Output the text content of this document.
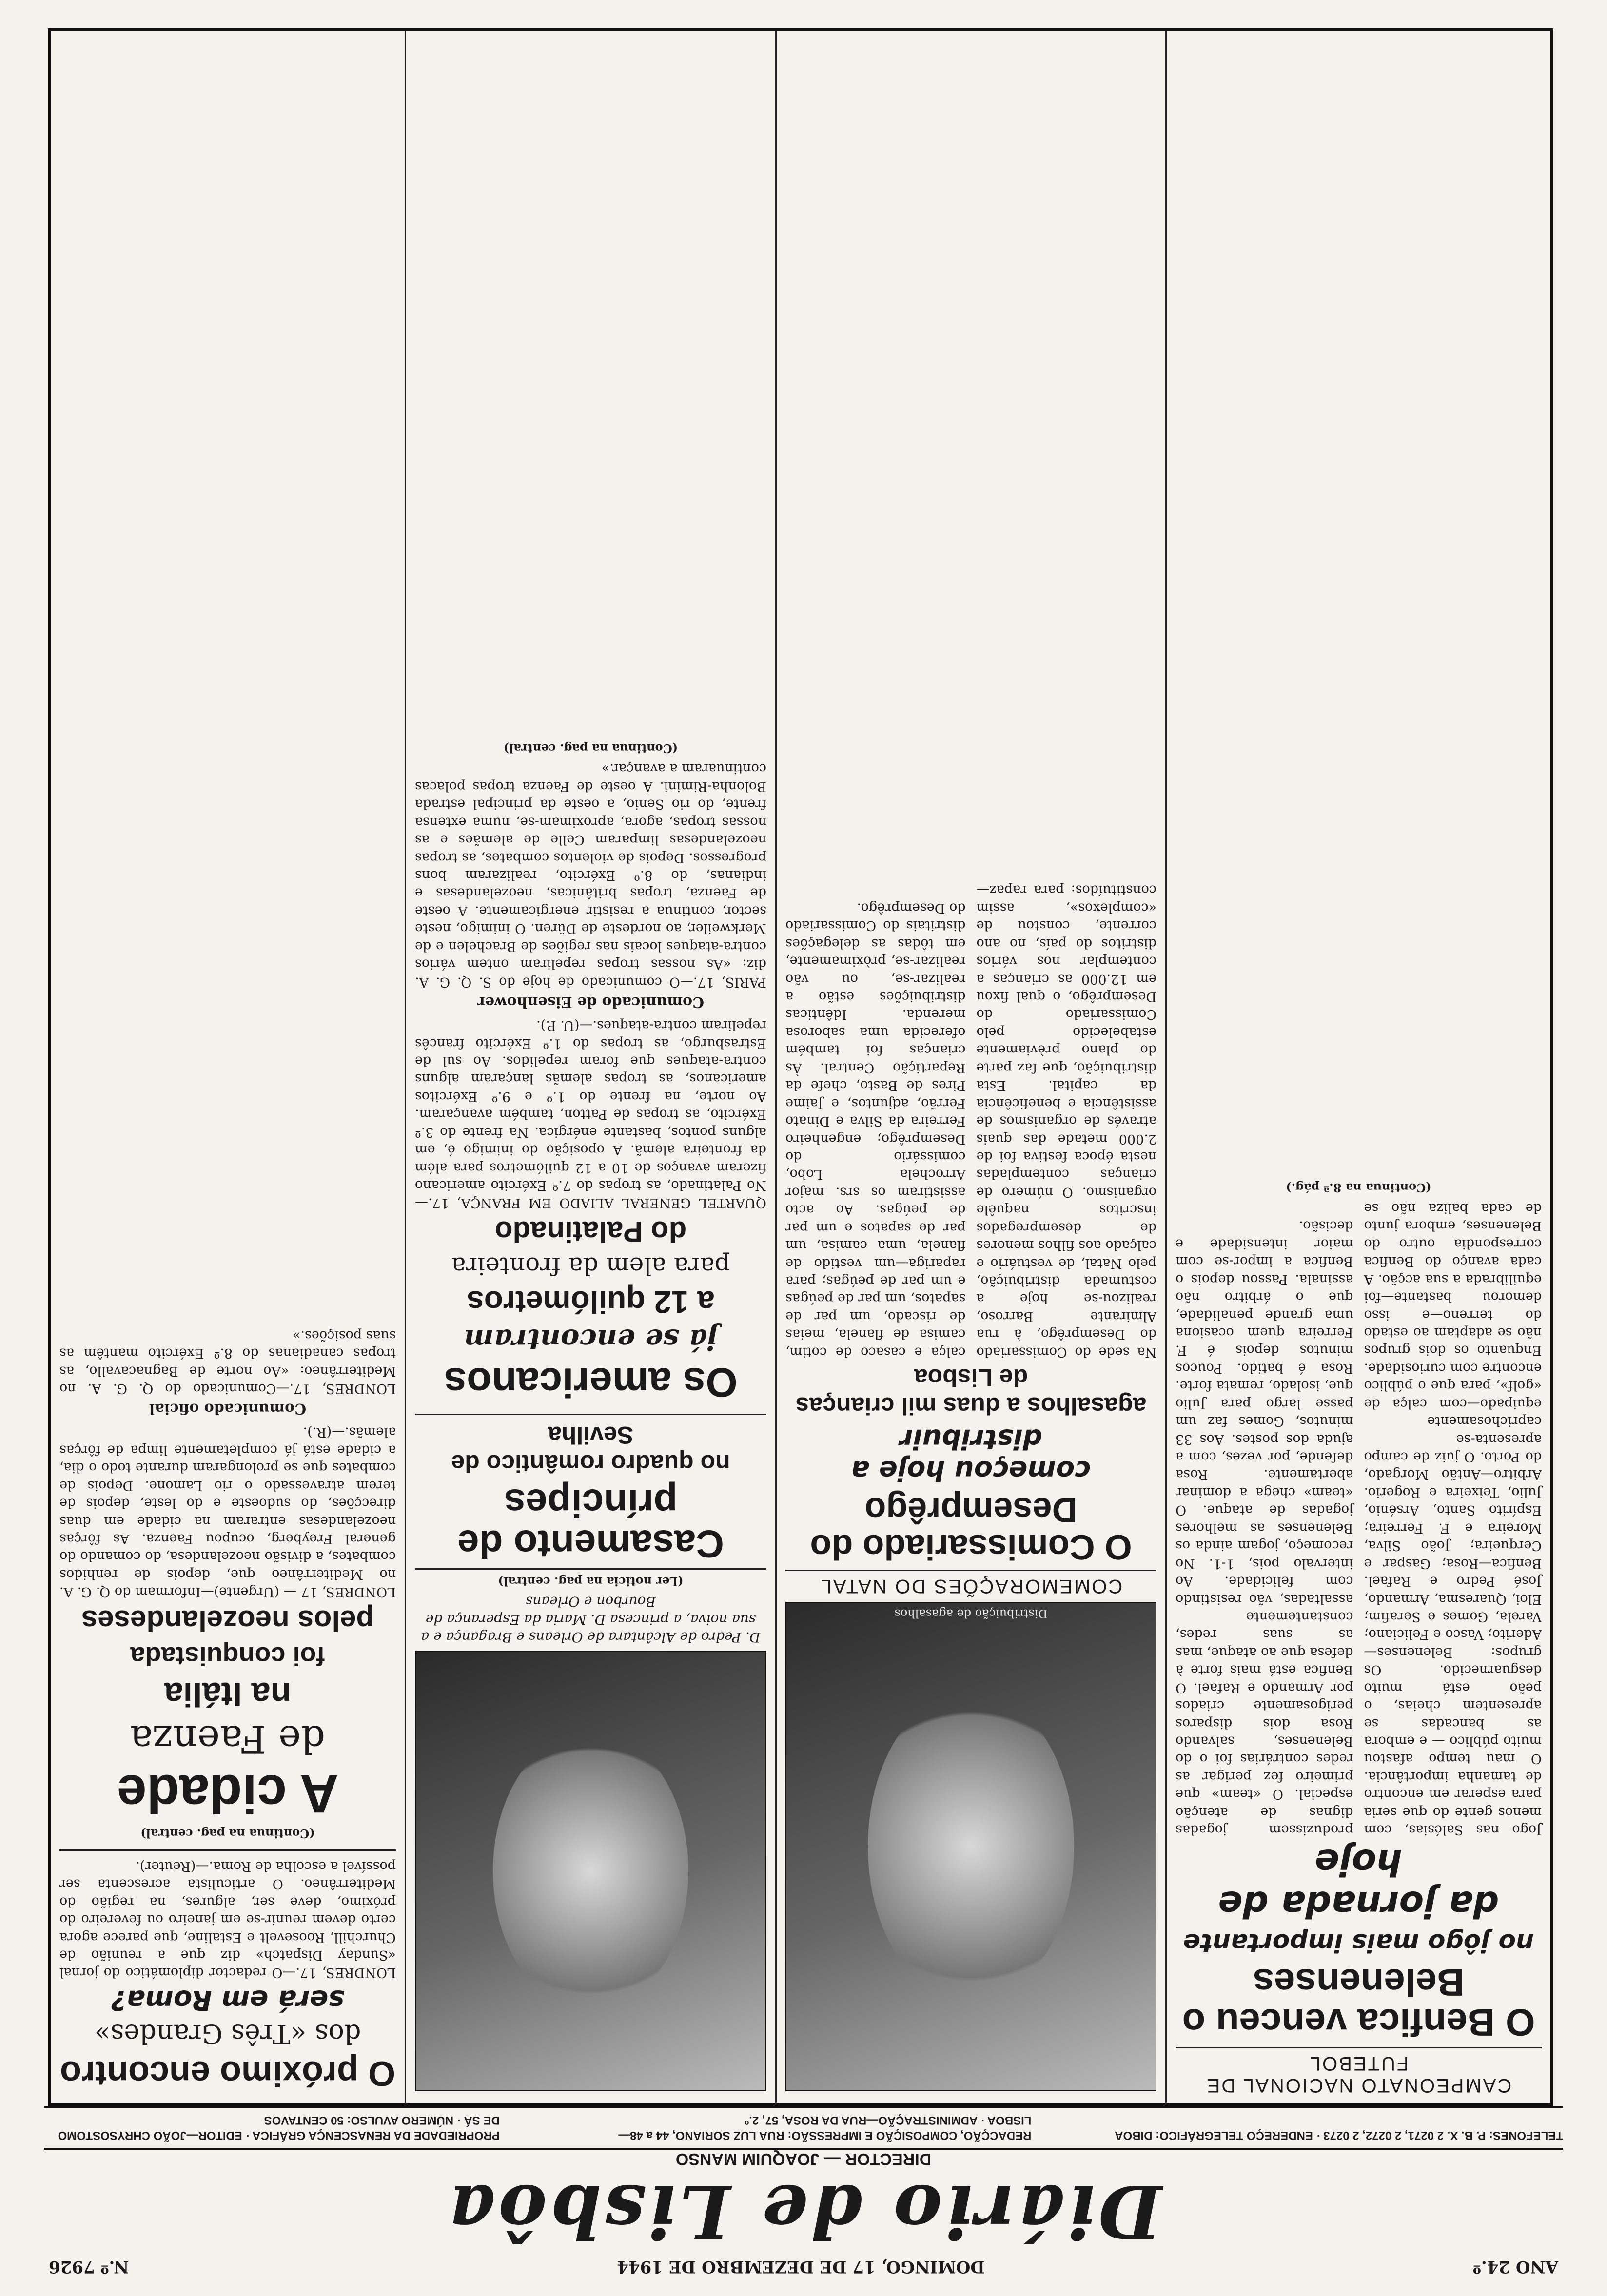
ANO 24.º
DOMINGO, 17 DE DEZEMBRO DE 1944
N.º 7926
Diário de Lisbôa
DIRECTOR — JOAQUIM MANSO
TELEFONES: P. B. X. 2 0271, 2 0272, 2 0273 · ENDEREÇO TELEGRÁFICO: DIBOA
REDACÇÃO, COMPOSIÇÃO E IMPRESSÃO: RUA LUZ SORIANO, 44 a 48—LISBOA · ADMINISTRAÇÃO—RUA DA ROSA, 57, 2.º
PROPRIEDADE DA RENASCENÇA GRÁFICA · EDITOR—JOÃO CHRYSOSTOMO DE SÁ · NÚMERO AVULSO: 50 CENTAVOS
CAMPEONATO NACIONAL DE FUTEBOL
O Benfica venceu o Belenenses
no jôgo mais importante
da jornada de hoje
Jogo nas Salésias, com menos gente do que seria para esperar em encontro de tamanha importância. O mau tempo afastou muito público — e embora as bancadas se apresentem cheias, o peão está muito desguarnecido. Os grupos: Belenenses—Aderito; Vasco e Feliciano; Varela, Gomes e Serafim; Eloi, Quaresma, Armando, José Pedro e Rafael. Benfica—Rosa; Gaspar e Cerqueira; João Silva, Moreira e F. Ferreira; Espírito Santo, Arsénio, Julio, Teixeira e Rogerio. Arbitro—Antão Morgado, do Porto. O juiz de campo apresenta-se caprichosamente equipado—com calça de «golf», para que o público encontre com curiosidade. Enquanto os dois grupos não se adaptam ao estado do terreno—e isso demorou bastante—foi equilibrada a sua acção. A cada avanço do Benfica correspondia outro do Belenenses, embora junto de cada baliza não se produzissem jogadas dignas de atenção especial. O «team» que primeiro fez perigar as redes contrárias foi o do Belenenses, salvando Rosa dois disparos perigosamente criados por Armando e Rafael. O Benfica está mais forte à defesa que ao ataque, mas as suas redes, constantemente assaltadas, vão resistindo com felicidade. Ao intervalo pois, 1-1. No recomeço, jogam ainda os Belenenses as melhores jogadas de ataque. O «team» chega a dominar abertamente. Rosa defende, por vezes, com a ajuda dos postes. Aos 33 minutos, Gomes faz um passe largo para Julio que, isolado, remata forte. Rosa é batido. Poucos minutos depois é F. Ferreira quem ocasiona uma grande penalidade, que o árbitro não assinala. Passou depois o Benfica a impor-se com maior intensidade e decisão.
(Continua na 8.ª pág.)
Distribuição de agasalhos
COMEMORAÇÕES DO NATAL
O Comissariado do Desemprêgo
começou hoje a distribuir
agasalhos a duas mil crianças de Lisboa
Na sede do Comissariado do Desemprêgo, à rua Almirante Barroso, realizou-se hoje a costumada distribuição, pelo Natal, de vestuário e calçado aos filhos menores de desempregados inscritos naquêle organismo. O número de crianças contempladas nesta época festiva foi de 2.000 metade das quais através de organismos de assistência e beneficência da capital. Esta distribuição, que faz parte do plano prèviamente estabelecido pelo Comissariado do Desemprêgo, o qual fixou em 12.000 as crianças a contemplar nos vários distritos do país, no ano corrente, constou de «complexos», assim constituídos: para rapaz—calça e casaco de cotim, camisa de flanela, meias de riscado, um par de sapatos, um par de peúgas e um par de peúgas; para rapariga—um vestido de flanela, uma camisa, um par de sapatos e um par de peúgas. Ao acto assistiram os srs. major Arrochela Lobo, comissário do Desemprêgo; engenheiro Ferreira da Silva e Dinato Ferrão, adjuntos, e Jaime Pires de Basto, chefe da Repartição Central. Às crianças foi também oferecida uma saborosa merenda. Idênticas distribuições estão a realizar-se, ou vão realizar-se, pròximamente, em tôdas as delegações distritais do Comissariado do Desemprêgo.
D. Pedro de Alcântara de Orleans e Bragança e a sua noiva, a princesa D. Maria da Esperança de Bourbon e Orleans
(Ler noticia na pag. central)
Casamento de príncipes
no quadro romântico de Sevilha
Os americanos
já se encontram
a 12 quilómetros
para alem da fronteira
do Palatinado
QUARTEL GENERAL ALIADO EM FRANÇA, 17.—No Palatinado, as tropas do 7.º Exército americano fizeram avanços de 10 a 12 quilómetros para além da fronteira alemã. A oposição do inimigo é, em alguns pontos, bastante enérgica. Na frente do 3.º Exército, as tropas de Patton, também avançaram. Ao norte, na frente do 1.º e 9.º Exércitos americanos, as tropas alemãs lançaram alguns contra-ataques que foram repelidos. Ao sul de Estrasburgo, as tropas do 1.º Exército francês repeliram contra-ataques.—(U. P.).
Comunicado de Eisenhower
PARIS, 17.—O comunicado de hoje do S. Q. G. A. diz: «As nossas tropas repeliram ontem vários contra-ataques locais nas regiões de Brachelen e de Merkweiler, ao nordeste de Düren. O inimigo, neste sector, continua a resistir energicamente. A oeste de Faenza, tropas britânicas, neozelandesas e indianas, do 8.º Exército, realizaram bons progressos. Depois de violentos combates, as tropas neozelandesas limparam Celle de alemães e as nossas tropas, agora, aproximam-se, numa extensa frente, do rio Senio, a oeste da principal estrada Bolonha-Rimini. A oeste de Faenza tropas polacas continuaram a avançar.»
(Continua na pag. central)
O próximo encontro
dos «Três Grandes»
será em Roma?
LONDRES, 17.—O redactor diplomático do jornal «Sunday Dispatch» diz que a reunião de Churchill, Roosevelt e Estaline, que parece agora certo devem reunir-se em janeiro ou fevereiro do próximo, deve ser, algures, na região do Mediterrâneo. O articulista acrescenta ser possível a escolha de Roma.—(Reuter).
(Continua na pag. central)
A cidade
de Faenza
na Itália
foi conquistada
pelos neozelandeses
LONDRES, 17 — (Urgente)—Informam do Q. G. A. no Mediterrâneo que, depois de renhidos combates, a divisão neozelandesa, do comando do general Freyberg, ocupou Faenza. As fôrças neozelandesas entraram na cidade em duas direcções, do sudoeste e do leste, depois de terem atravessado o rio Lamone. Depois de combates que se prolongaram durante todo o dia, a cidade está já completamente limpa de fôrças alemãs.—(R.).
Comunicado oficial
LONDRES, 17.—Comunicado do Q. G. A. no Mediterrâneo: «Ao norte de Bagnacavallo, as tropas canadianas do 8.º Exército mantêm as suas posições.»
